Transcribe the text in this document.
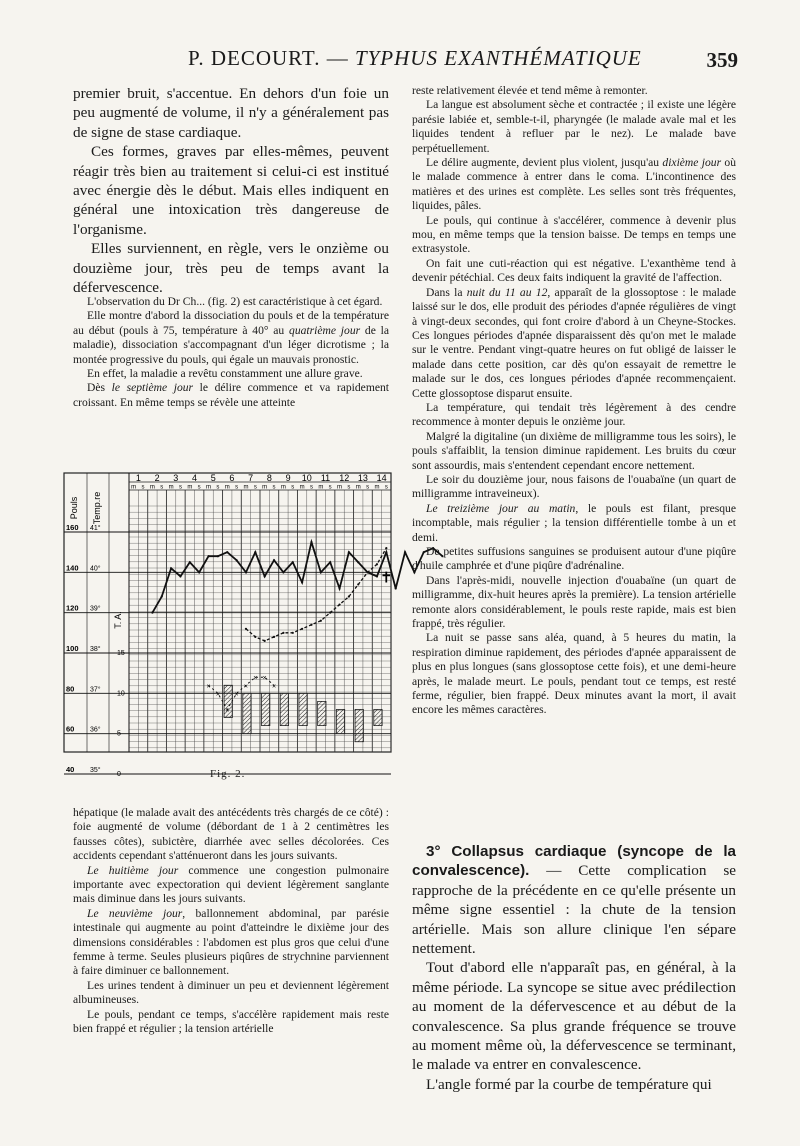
P. DECOURT. — TYPHUS EXANTHÉMATIQUE	359

premier bruit, s'accentue. En dehors d'un foie un peu augmenté de volume, il n'y a généralement pas de signe de stase cardiaque.

Ces formes, graves par elles-mêmes, peuvent réagir très bien au traitement si celui-ci est institué avec énergie dès le début. Mais elles indiquent en général une intoxication très dangereuse de l'organisme.

Elles surviennent, en règle, vers le onzième ou douzième jour, très peu de temps avant la défervescence.

L'observation du Dr Ch... (fig. 2) est caractéristique à cet égard.

Elle montre d'abord la dissociation du pouls et de la température au début (pouls à 75, température à 40° au quatrième jour de la maladie), dissociation s'accompagnant d'un léger dicrotisme ; la montée progressive du pouls, qui égale un mauvais pronostic.

En effet, la maladie a revêtu constamment une allure grave.

Dès le septième jour le délire commence et va rapidement croissant. En même temps se révèle une atteinte

1
m s
2
m s
3
m s
4
m s
5
m s
6
m s
7
m s
8
m s
9
m s
10
m s
11
m s
12
m s
13
m s
14
m s
Pouls Temp.re
T. A.
160
140
120
100
80
60
40
41°
40°
39°
38°
37°
36°
35°
15
10
5
0
×
×
×
×
×
× ×
×
✝
Fig. 2.

hépatique (le malade avait des antécédents très chargés de ce côté) : foie augmenté de volume (débordant de 1 à 2 centimètres les fausses côtes), subictère, diarrhée avec selles décolorées. Ces accidents cependant s'atténueront dans les jours suivants.

Le huitième jour commence une congestion pulmonaire importante avec expectoration qui devient légèrement sanglante mais diminue dans les jours suivants.

Le neuvième jour, ballonnement abdominal, par parésie intestinale qui augmente au point d'atteindre le dixième jour des dimensions considérables : l'abdomen est plus gros que celui d'une femme à terme. Seules plusieurs piqûres de strychnine parviennent à faire diminuer ce ballonnement.

Les urines tendent à diminuer un peu et deviennent légèrement albumineuses.

Le pouls, pendant ce temps, s'accélère rapidement mais reste bien frappé et régulier ; la tension artérielle

reste relativement élevée et tend même à remonter.

La langue est absolument sèche et contractée ; il existe une légère parésie labiée et, semble-t-il, pharyngée (le malade avale mal et les liquides tendent à refluer par le nez). Le malade bave perpétuellement.

Le délire augmente, devient plus violent, jusqu'au dixième jour où le malade commence à entrer dans le coma. L'incontinence des matières et des urines est complète. Les selles sont très fréquentes, liquides, pâles.

Le pouls, qui continue à s'accélérer, commence à devenir plus mou, en même temps que la tension baisse. De temps en temps une extrasystole.

On fait une cuti-réaction qui est négative. L'exanthème tend à devenir pétéchial. Ces deux faits indiquent la gravité de l'affection.

Dans la nuit du 11 au 12, apparaît de la glossoptose : le malade laissé sur le dos, elle produit des périodes d'apnée régulières de vingt à vingt-deux secondes, qui font croire d'abord à un Cheyne-Stockes. Ces longues périodes d'apnée disparaissent dès qu'on met le malade sur le ventre. Pendant vingt-quatre heures on fut obligé de laisser le malade dans cette position, car dès qu'on essayait de remettre le malade sur le dos, ces longues périodes d'apnée recommençaient. Cette glossoptose disparut ensuite.

La température, qui tendait très légèrement à des cendre recommence à monter depuis le onzième jour.

Malgré la digitaline (un dixième de milligramme tous les soirs), le pouls s'affaiblit, la tension diminue rapidement. Les bruits du cœur sont assourdis, mais s'entendent cependant encore nettement.

Le soir du douzième jour, nous faisons de l'ouabaïne (un quart de milligramme intraveineux).

Le treizième jour au matin, le pouls est filant, presque incomptable, mais régulier ; la tension différentielle tombe à un et demi.

De petites suffusions sanguines se produisent autour d'une piqûre d'huile camphrée et d'une piqûre d'adrénaline.

Dans l'après-midi, nouvelle injection d'ouabaïne (un quart de milligramme, dix-huit heures après la première). La tension artérielle remonte alors considérablement, le pouls reste rapide, mais est bien frappé, très régulier.

La nuit se passe sans aléa, quand, à 5 heures du matin, la respiration diminue rapidement, des périodes d'apnée apparaissent de plus en plus longues (sans glossoptose cette fois), et une demi-heure après, le malade meurt. Le pouls, pendant tout ce temps, est resté ferme, régulier, bien frappé. Deux minutes avant la mort, il avait encore les mêmes caractères.

3° Collapsus cardiaque (syncope de la convalescence). — Cette complication se rapproche de la précédente en ce qu'elle présente un même signe essentiel : la chute de la tension artérielle. Mais son allure clinique l'en sépare nettement.

Tout d'abord elle n'apparaît pas, en général, à la même période. La syncope se situe avec prédilection au moment de la défervescence et au début de la convalescence. Sa plus grande fréquence se trouve au moment même où, la défervescence se terminant, le malade va entrer en convalescence.

L'angle formé par la courbe de température qui
